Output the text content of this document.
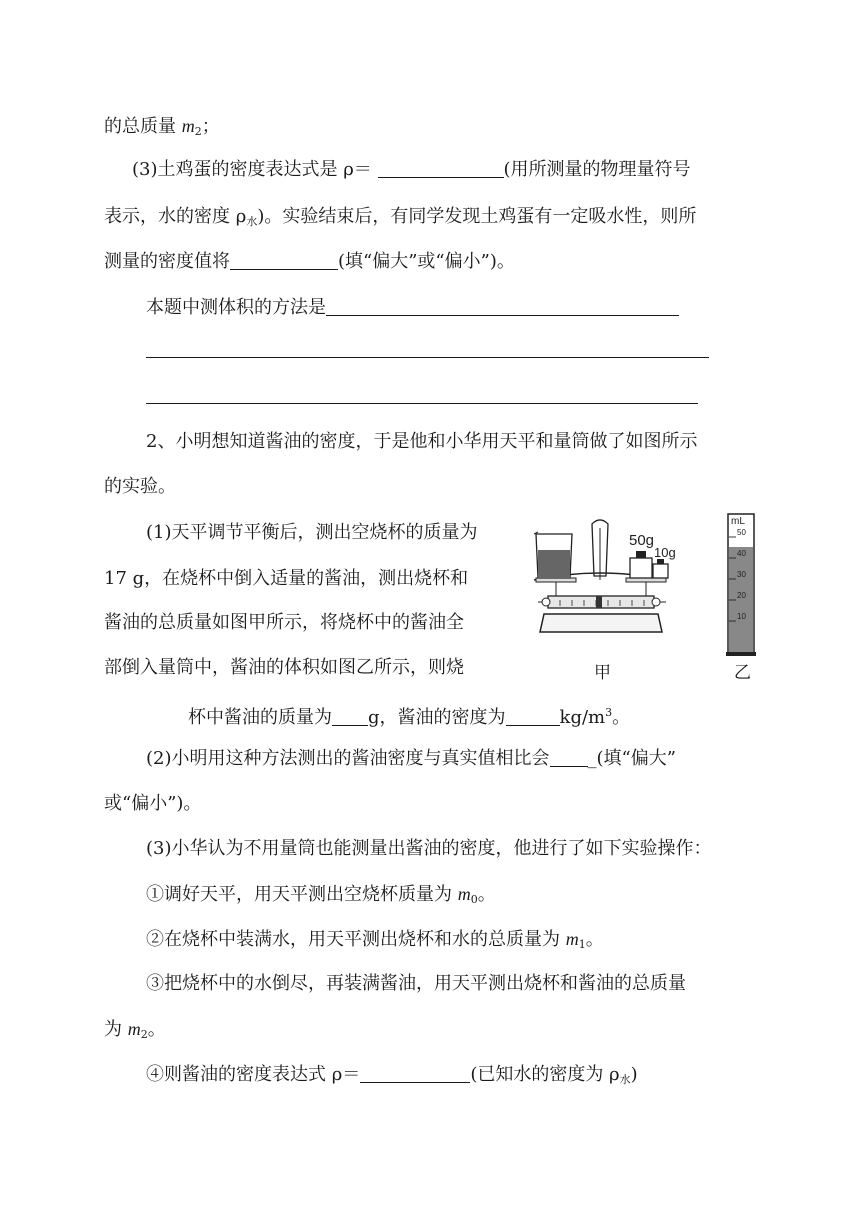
的总质量 $m_2$；
(3)土鸡蛋的密度表达式是 ρ＝	(用所测量的物理量符号
表示，水的密度 $\rho_水$)。实验结束后，有同学发现土鸡蛋有一定吸水性，则所
测量的密度值将	(填“偏大”或“偏小”)。
本题中测体积的方法是
2、小明想知道酱油的密度，于是他和小华用天平和量筒做了如图所示
的实验。
(1)天平调节平衡后，测出空烧杯的质量为
17 g，在烧杯中倒入适量的酱油，测出烧杯和
酱油的总质量如图甲所示，将烧杯中的酱油全
部倒入量筒中，酱油的体积如图乙所示，则烧
杯中酱油的质量为 g，酱油的密度为	$kg/m^3$。
(2)小明用这种方法测出的酱油密度与真实值相比会 _(填“偏大”
或“偏小”)。
(3)小华认为不用量筒也能测量出酱油的密度，他进行了如下实验操作：
①调好天平，用天平测出空烧杯质量为 $m_0$。
②在烧杯中装满水，用天平测出烧杯和水的总质量为 $m_1$。
③把烧杯中的水倒尽，再装满酱油，用天平测出烧杯和酱油的总质量
为 $m_2$。
④则酱油的密度表达式 ρ＝	(已知水的密度为 $\rho_水$)
50g
10g
甲
mL
50
40
30
20
10
乙
